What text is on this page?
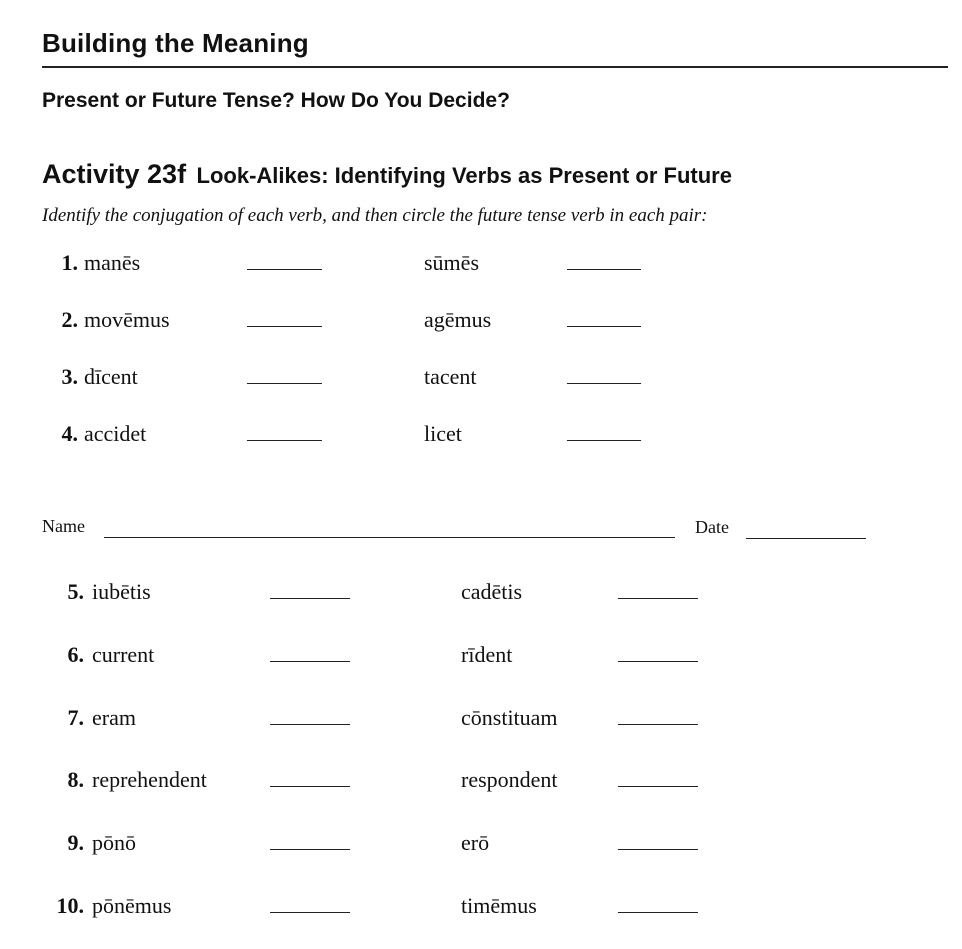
Building the Meaning
Present or Future Tense? How Do You Decide?
Activity 23f Look-Alikes: Identifying Verbs as Present or Future
Identify the conjugation of each verb, and then circle the future tense verb in each pair:
1. manēs	sūmēs
2. movēmus	agēmus
3. dīcent	tacent
4. accidet	licet
Name	Date
5. iubētis	cadētis
6. current	rīdent
7. eram	cōnstituam
8. reprehendent	respondent
9. pōnō	erō
10. pōnēmus	timēmus
